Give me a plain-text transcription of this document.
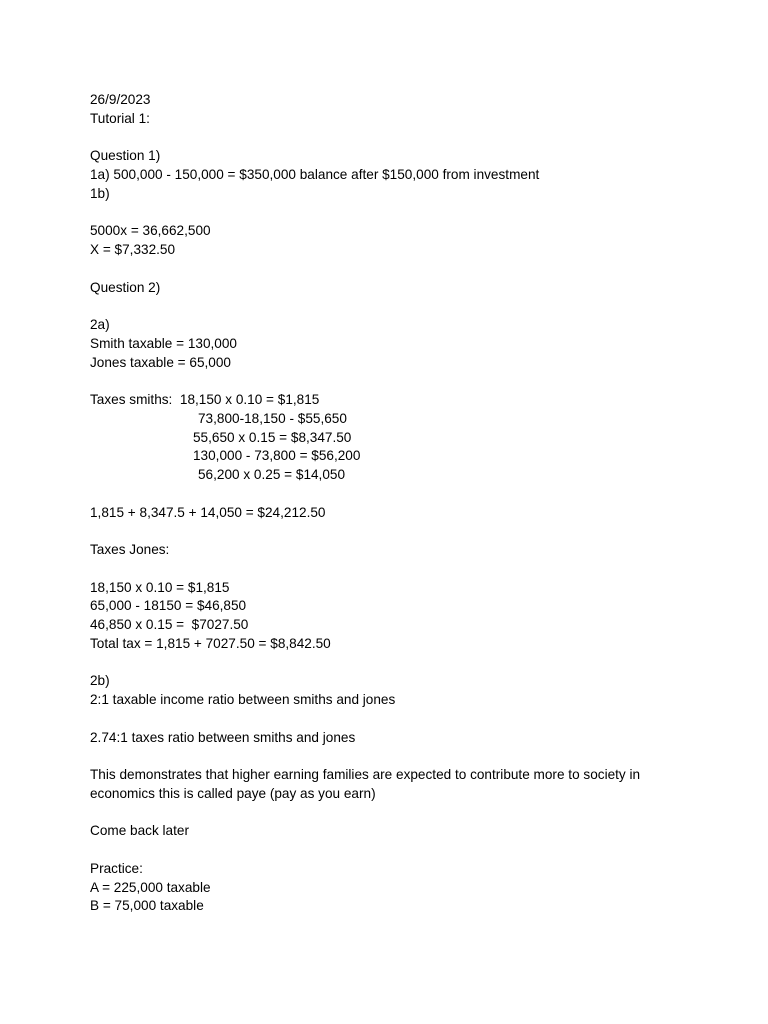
26/9/2023
Tutorial 1:
Question 1)
1a) 500,000 - 150,000 = $350,000 balance after $150,000 from investment
1b)
5000x = 36,662,500
X = $7,332.50
Question 2)
2a)
Smith taxable = 130,000
Jones taxable = 65,000
Taxes smiths:  18,150 x 0.10 = $1,815
73,800-18,150 - $55,650
55,650 x 0.15 = $8,347.50
130,000 - 73,800 = $56,200
56,200 x 0.25 = $14,050
1,815 + 8,347.5 + 14,050 = $24,212.50
Taxes Jones:
18,150 x 0.10 = $1,815
65,000 - 18150 = $46,850
46,850 x 0.15 =  $7027.50
Total tax = 1,815 + 7027.50 = $8,842.50
2b)
2:1 taxable income ratio between smiths and jones
2.74:1 taxes ratio between smiths and jones
This demonstrates that higher earning families are expected to contribute more to society in economics this is called paye (pay as you earn)
Come back later
Practice:
A = 225,000 taxable
B = 75,000 taxable
